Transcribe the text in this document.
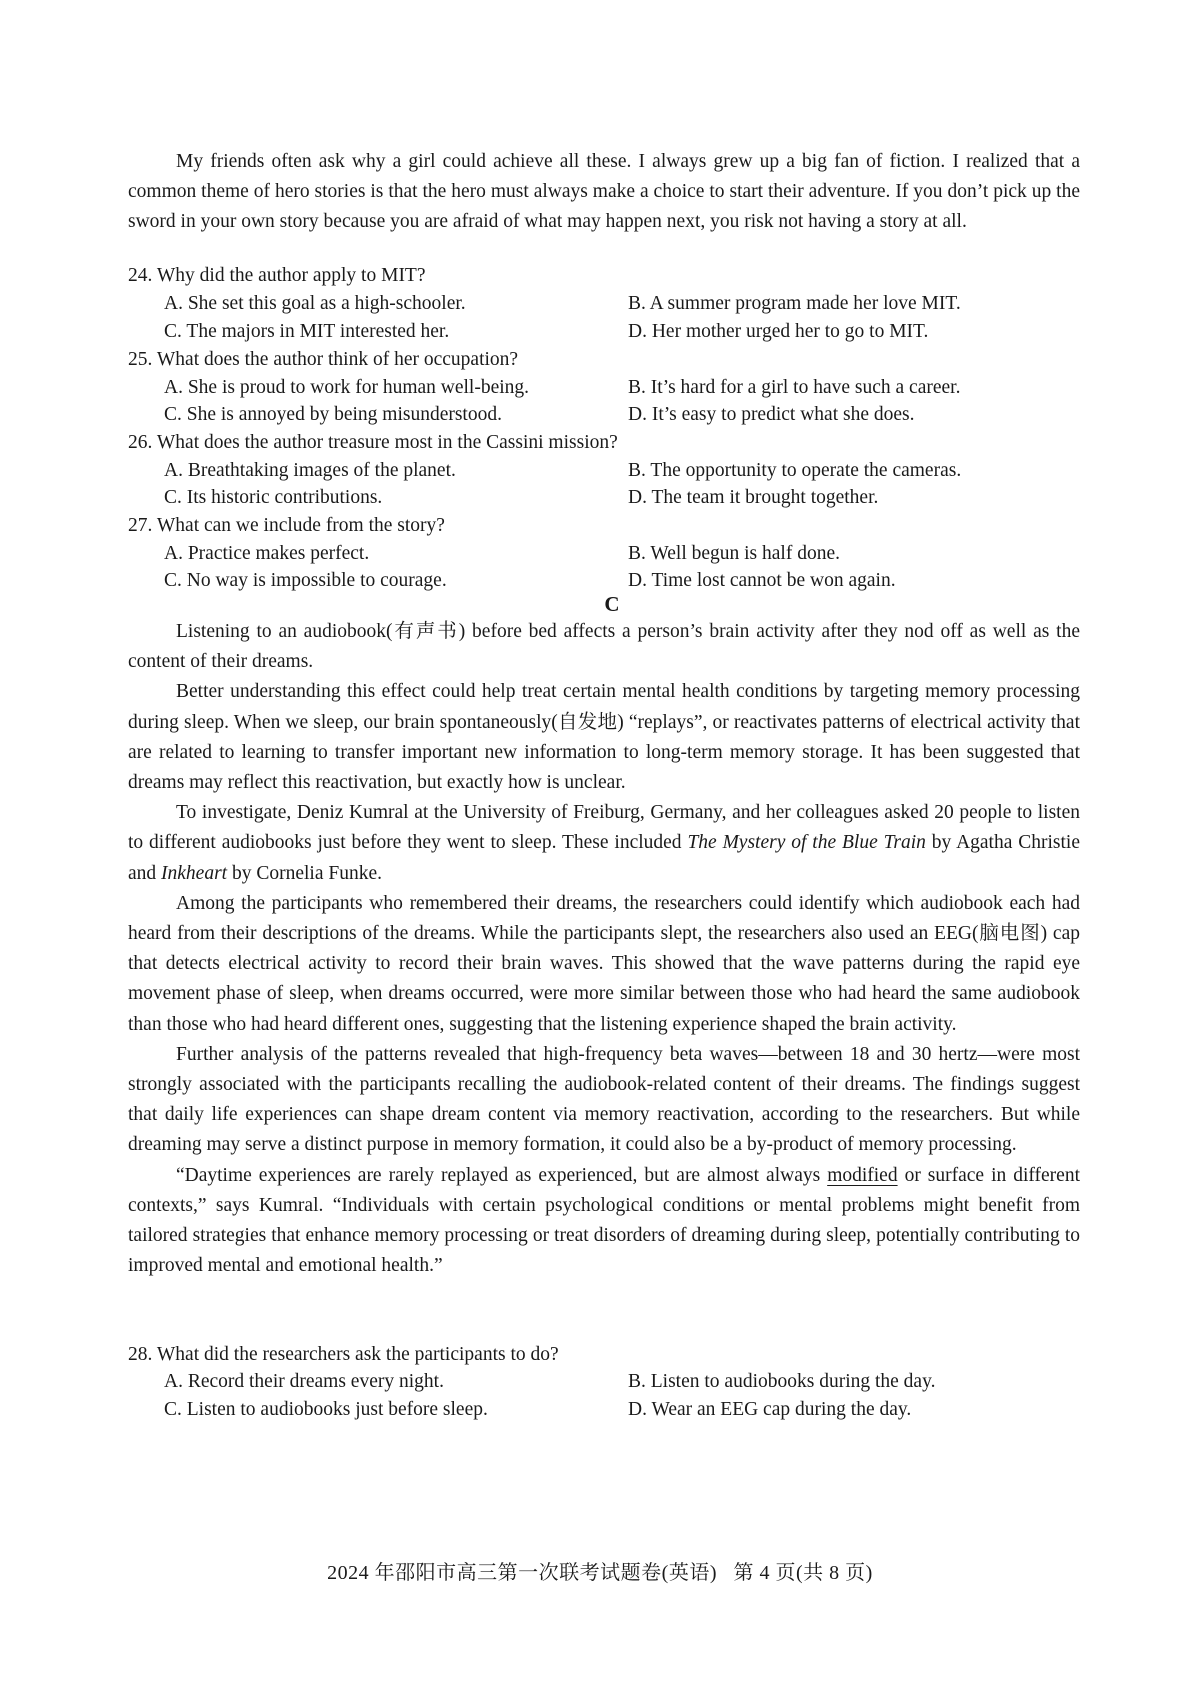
My friends often ask why a girl could achieve all these. I always grew up a big fan of fiction. I realized that a common theme of hero stories is that the hero must always make a choice to start their adventure. If you don’t pick up the sword in your own story because you are afraid of what may happen next, you risk not having a story at all.

24. Why did the author apply to MIT?
A. She set this goal as a high-schooler.	B. A summer program made her love MIT.
C. The majors in MIT interested her.	D. Her mother urged her to go to MIT.
25. What does the author think of her occupation?
A. She is proud to work for human well-being.	B. It’s hard for a girl to have such a career.
C. She is annoyed by being misunderstood.	D. It’s easy to predict what she does.
26. What does the author treasure most in the Cassini mission?
A. Breathtaking images of the planet.	B. The opportunity to operate the cameras.
C. Its historic contributions.	D. The team it brought together.
27. What can we include from the story?
A. Practice makes perfect.	B. Well begun is half done.
C. No way is impossible to courage.	D. Time lost cannot be won again.
C

Listening to an audiobook(有声书) before bed affects a person’s brain activity after they nod off as well as the content of their dreams.

Better understanding this effect could help treat certain mental health conditions by targeting memory processing during sleep. When we sleep, our brain spontaneously(自发地) “replays”, or reactivates patterns of electrical activity that are related to learning to transfer important new information to long-term memory storage. It has been suggested that dreams may reflect this reactivation, but exactly how is unclear.

To investigate, Deniz Kumral at the University of Freiburg, Germany, and her colleagues asked 20 people to listen to different audiobooks just before they went to sleep. These included The Mystery of the Blue Train by Agatha Christie and Inkheart by Cornelia Funke.

Among the participants who remembered their dreams, the researchers could identify which audiobook each had heard from their descriptions of the dreams. While the participants slept, the researchers also used an EEG(脑电图) cap that detects electrical activity to record their brain waves. This showed that the wave patterns during the rapid eye movement phase of sleep, when dreams occurred, were more similar between those who had heard the same audiobook than those who had heard different ones, suggesting that the listening experience shaped the brain activity.

Further analysis of the patterns revealed that high-frequency beta waves—between 18 and 30 hertz—were most strongly associated with the participants recalling the audiobook-related content of their dreams. The findings suggest that daily life experiences can shape dream content via memory reactivation, according to the researchers. But while dreaming may serve a distinct purpose in memory formation, it could also be a by-product of memory processing.

“Daytime experiences are rarely replayed as experienced, but are almost always modified or surface in different contexts,” says Kumral. “Individuals with certain psychological conditions or mental problems might benefit from tailored strategies that enhance memory processing or treat disorders of dreaming during sleep, potentially contributing to improved mental and emotional health.”

28. What did the researchers ask the participants to do?
A. Record their dreams every night.	B. Listen to audiobooks during the day.
C. Listen to audiobooks just before sleep.	D. Wear an EEG cap during the day.
2024 年邵阳市高三第一次联考试题卷(英语)   第 4 页(共 8 页)
